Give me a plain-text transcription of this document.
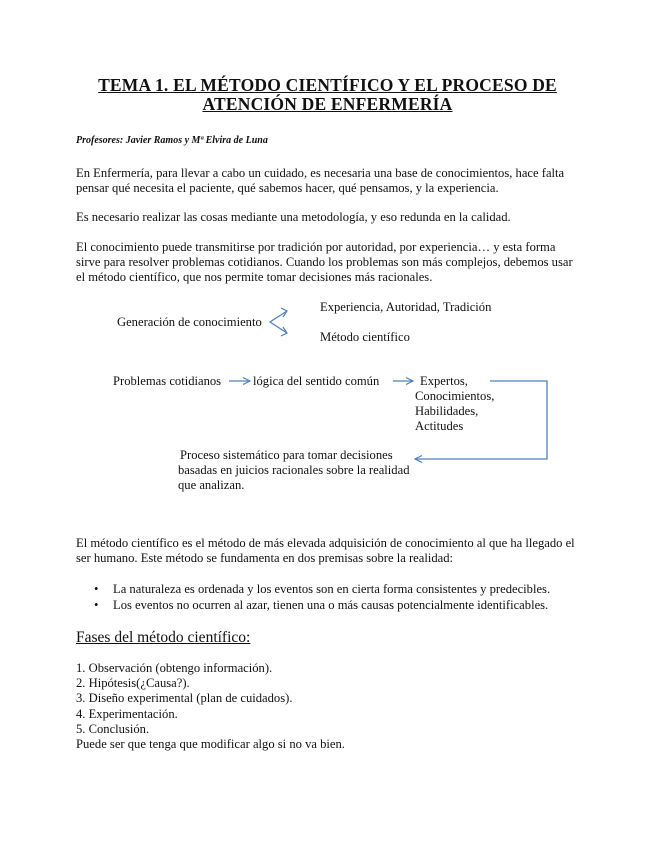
TEMA 1. EL MÉTODO CIENTÍFICO Y EL PROCESO DE
ATENCIÓN DE ENFERMERÍA
Profesores: Javier Ramos y Mª Elvira de Luna
En Enfermería, para llevar a cabo un cuidado, es necesaria una base de conocimientos, hace falta pensar qué necesita el paciente, qué sabemos hacer, qué pensamos, y la experiencia.
Es necesario realizar las cosas mediante una metodología, y eso redunda en la calidad.
El conocimiento puede transmitirse por tradición por autoridad, por experiencia… y esta forma sirve para resolver problemas cotidianos. Cuando los problemas son más complejos, debemos usar el método científico, que nos permite tomar decisiones más racionales.
Generación de conocimiento
Experiencia, Autoridad, Tradición
Método científico
Problemas cotidianos	lógica del sentido común	Expertos,
Conocimientos,
Habilidades,
Actitudes
Proceso sistemático para tomar decisiones
basadas en juicios racionales sobre la realidad
que analizan.
El método científico es el método de más elevada adquisición de conocimiento al que ha llegado el ser humano. Este método se fundamenta en dos premisas sobre la realidad:
• La naturaleza es ordenada y los eventos son en cierta forma consistentes y predecibles.
• Los eventos no ocurren al azar, tienen una o más causas potencialmente identificables.
Fases del método científico:
1. Observación (obtengo información).
2. Hipótesis(¿Causa?).
3. Diseño experimental (plan de cuidados).
4. Experimentación.
5. Conclusión.
Puede ser que tenga que modificar algo si no va bien.
